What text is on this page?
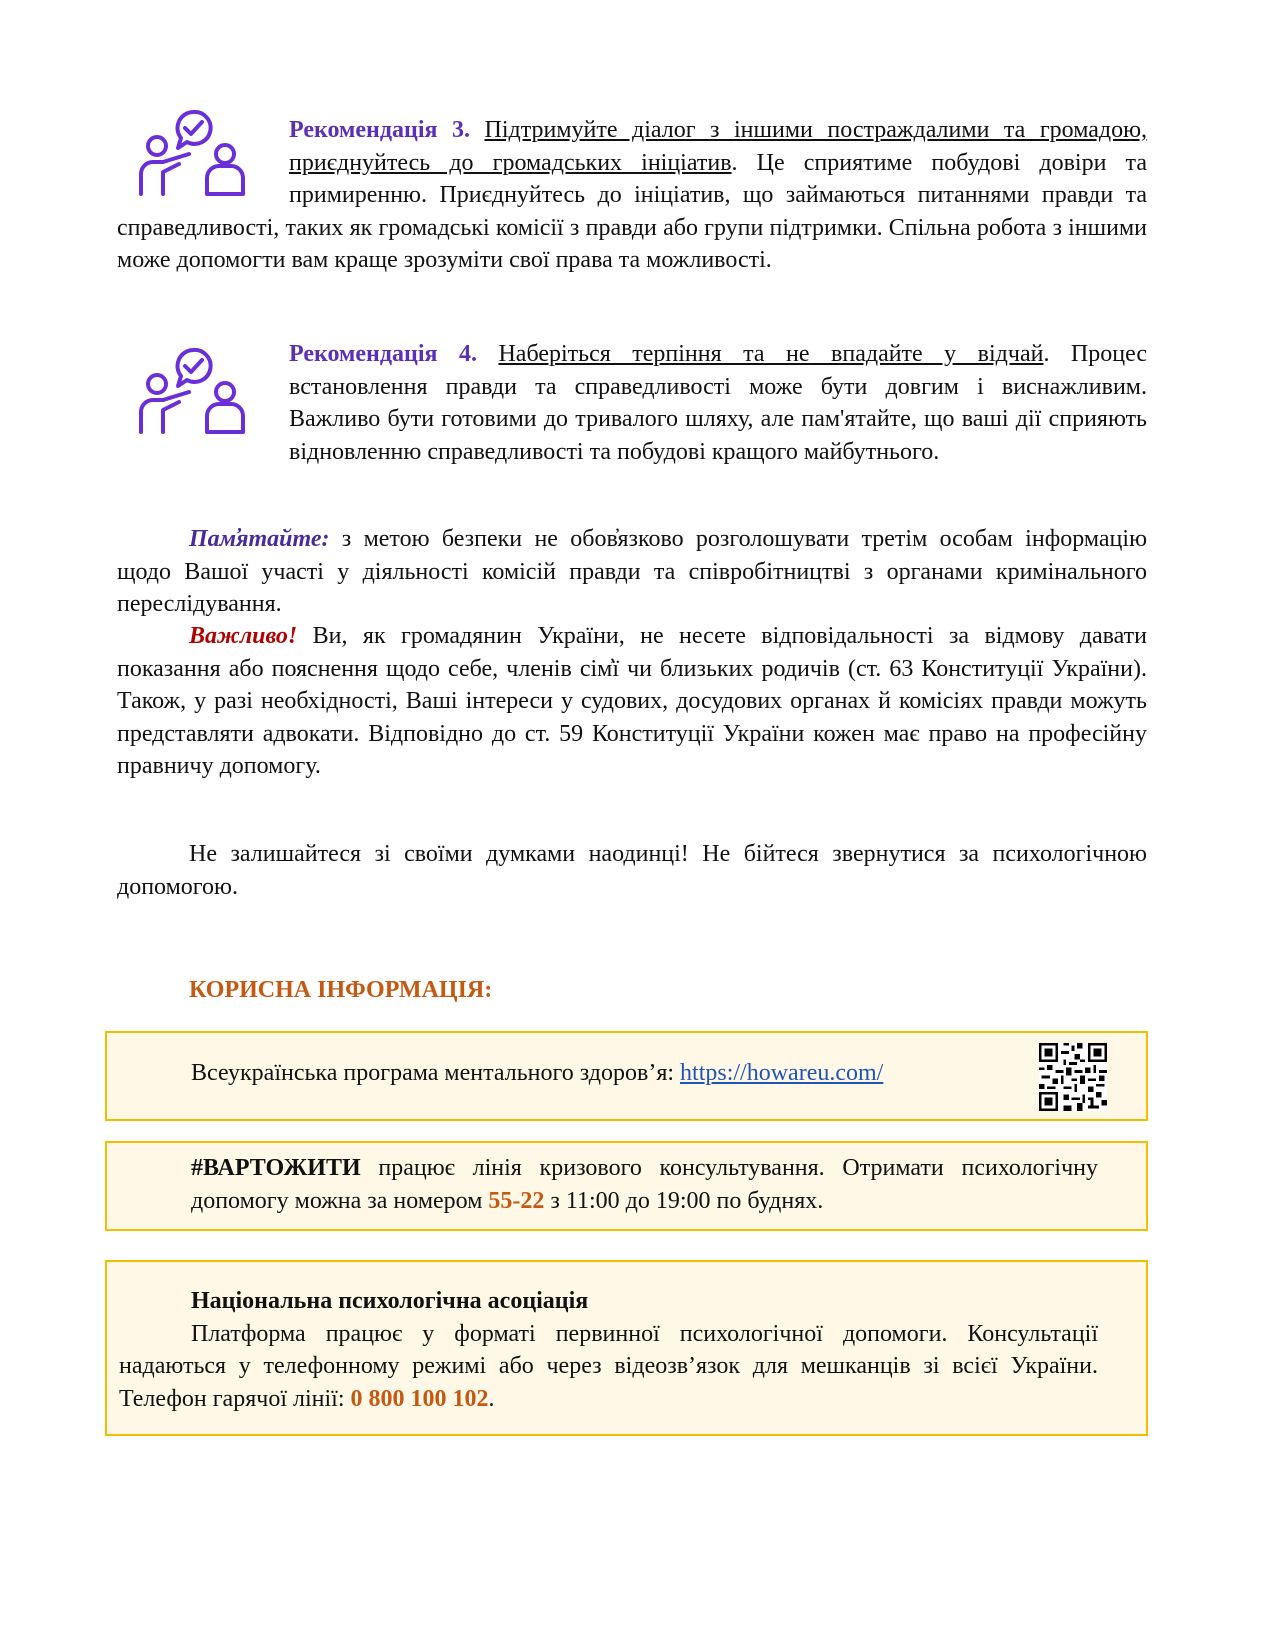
Рекомендація 3. Підтримуйте діалог з іншими постраждалими та громадою, приєднуйтесь до громадських ініціатив. Це сприятиме побудові довіри та примиренню. Приєднуйтесь до ініціатив, що займаються питаннями правди та справедливості, таких як громадські комісії з правди або групи підтримки. Спільна робота з іншими може допомогти вам краще зрозуміти свої права та можливості.

Рекомендація 4. Наберіться терпіння та не впадайте у відчай. Процес встановлення правди та справедливості може бути довгим і виснажливим. Важливо бути готовими до тривалого шляху, але пам'ятайте, що ваші дії сприяють відновленню справедливості та побудові кращого майбутнього.

Пам̓ятайте: з метою безпеки не обов̓язково розголошувати третім особам інформацію щодо Вашої участі у діяльності комісій правди та співробітництві з органами кримінального переслідування.

Важливо! Ви, як громадянин України, не несете відповідальності за відмову давати показання або пояснення щодо себе, членів сім̓ї чи близьких родичів (ст. 63 Конституції України). Також, у разі необхідності, Ваші інтереси у судових, досудових органах й комісіях правди можуть представляти адвокати. Відповідно до ст. 59 Конституції України кожен має право на професійну правничу допомогу.

Не залишайтеся зі своїми думками наодинці! Не бійтеся звернутися за психологічною допомогою.

КОРИСНА ІНФОРМАЦІЯ:

Всеукраїнська програма ментального здоров’я: https://howareu.com/

#ВАРТОЖИТИ працює лінія кризового консультування. Отримати психологічну допомогу можна за номером 55-22 з 11:00 до 19:00 по буднях.

Національна психологічна асоціація

Платформа працює у форматі первинної психологічної допомоги. Консультації надаються у телефонному режимі або через відеозв’язок для мешканців зі всієї України. Телефон гарячої лінії: 0 800 100 102.
